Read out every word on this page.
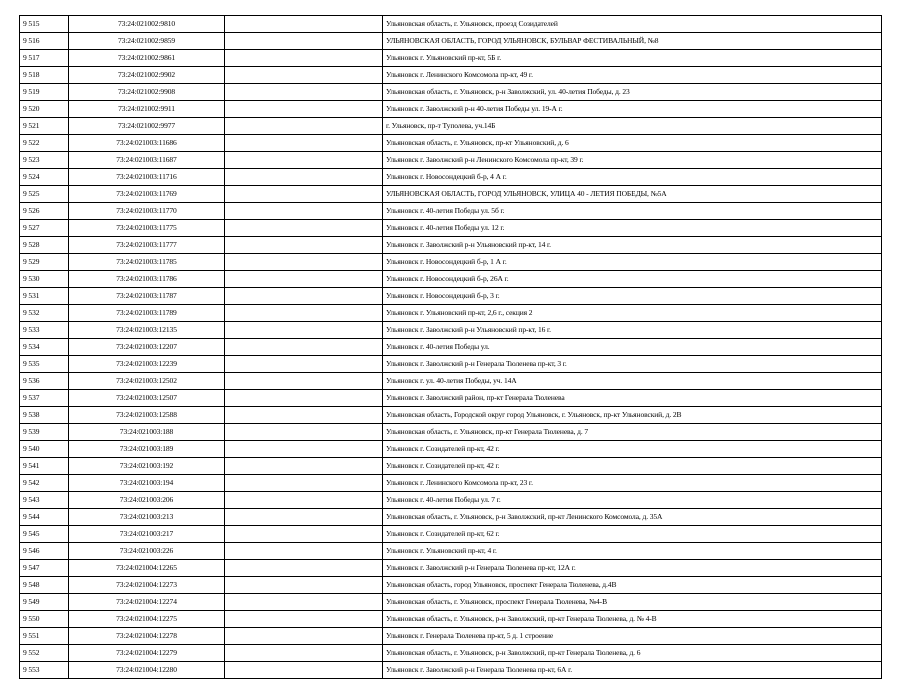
9 515	73:24:021002:9810		Ульяновская область, г. Ульяновск, проезд Созидателей
9 516	73:24:021002:9859		УЛЬЯНОВСКАЯ ОБЛАСТЬ, ГОРОД УЛЬЯНОВСК, БУЛЬВАР ФЕСТИВАЛЬНЫЙ, №8
9 517	73:24:021002:9861		Ульяновск г. Ульяновский пр-кт, 5Б г.
9 518	73:24:021002:9902		Ульяновск г. Ленинского Комсомола пр-кт, 49 г.
9 519	73:24:021002:9908		Ульяновская область, г. Ульяновск, р-н Заволжский, ул. 40-летия Победы, д. 23
9 520	73:24:021002:9911		Ульяновск г. Заволжский р-н 40-летия Победы ул. 19-А г.
9 521	73:24:021002:9977		г. Ульяновск, пр-т Туполева, уч.14Б
9 522	73:24:021003:11686		Ульяновская область, г. Ульяновск, пр-кт Ульяновский, д. 6
9 523	73:24:021003:11687		Ульяновск г. Заволжский р-н Ленинского Комсомола пр-кт, 39 г.
9 524	73:24:021003:11716		Ульяновск г. Новосондецкий б-р, 4 А г.
9 525	73:24:021003:11769		УЛЬЯНОВСКАЯ ОБЛАСТЬ, ГОРОД УЛЬЯНОВСК, УЛИЦА 40 - ЛЕТИЯ ПОБЕДЫ, №5А
9 526	73:24:021003:11770		Ульяновск г. 40-летия Победы ул. 5б г.
9 527	73:24:021003:11775		Ульяновск г. 40-летия Победы ул. 12 г.
9 528	73:24:021003:11777		Ульяновск г. Заволжский р-н Ульяновский пр-кт, 14 г.
9 529	73:24:021003:11785		Ульяновск г. Новосондецкий б-р, 1 А г.
9 530	73:24:021003:11786		Ульяновск г. Новосондецкий б-р, 26А г.
9 531	73:24:021003:11787		Ульяновск г. Новосондецкий б-р, 3 г.
9 532	73:24:021003:11789		Ульяновск г. Ульяновский пр-кт, 2,6 г., секция 2
9 533	73:24:021003:12135		Ульяновск г. Заволжский р-н Ульяновский пр-кт, 16 г.
9 534	73:24:021003:12207		Ульяновск г. 40-летия Победы ул.
9 535	73:24:021003:12239		Ульяновск г. Заволжский р-н Генерала Тюленева пр-кт, 3 г.
9 536	73:24:021003:12502		Ульяновск г. ул. 40-летия Победы, уч. 14А
9 537	73:24:021003:12507		Ульяновск г. Заволжский район, пр-кт Генерала Тюленева
9 538	73:24:021003:12588		Ульяновская область, Городской округ город Ульяновск, г. Ульяновск, пр-кт Ульяновский, д. 2В
9 539	73:24:021003:188		Ульяновская область, г. Ульяновск, пр-кт Генерала Тюленева, д. 7
9 540	73:24:021003:189		Ульяновск г. Созидателей пр-кт, 42 г.
9 541	73:24:021003:192		Ульяновск г. Созидателей пр-кт, 42 г.
9 542	73:24:021003:194		Ульяновск г. Ленинского Комсомола пр-кт, 23 г.
9 543	73:24:021003:206		Ульяновск г. 40-летия Победы ул. 7 г.
9 544	73:24:021003:213		Ульяновская область, г. Ульяновск, р-н Заволжский, пр-кт Ленинского Комсомола, д. 35А
9 545	73:24:021003:217		Ульяновск г. Созидателей пр-кт, 62 г.
9 546	73:24:021003:226		Ульяновск г. Ульяновский пр-кт, 4 г.
9 547	73:24:021004:12265		Ульяновск г. Заволжский р-н Генерала Тюленева пр-кт, 12А г.
9 548	73:24:021004:12273		Ульяновская область, город Ульяновск, проспект Генерала Тюленева, д.4В
9 549	73:24:021004:12274		Ульяновская область, г. Ульяновск, проспект Генерала Тюленева, №4-В
9 550	73:24:021004:12275		Ульяновская область, г. Ульяновск, р-н Заволжский, пр-кт Генерала Тюленева, д. № 4-В
9 551	73:24:021004:12278		Ульяновск г. Генерала Тюленева пр-кт, 5 д. 1 строение
9 552	73:24:021004:12279		Ульяновская область, г. Ульяновск, р-н Заволжский, пр-кт Генерала Тюленева, д. 6
9 553	73:24:021004:12280		Ульяновск г. Заволжский р-н Генерала Тюленева пр-кт, 6А г.
